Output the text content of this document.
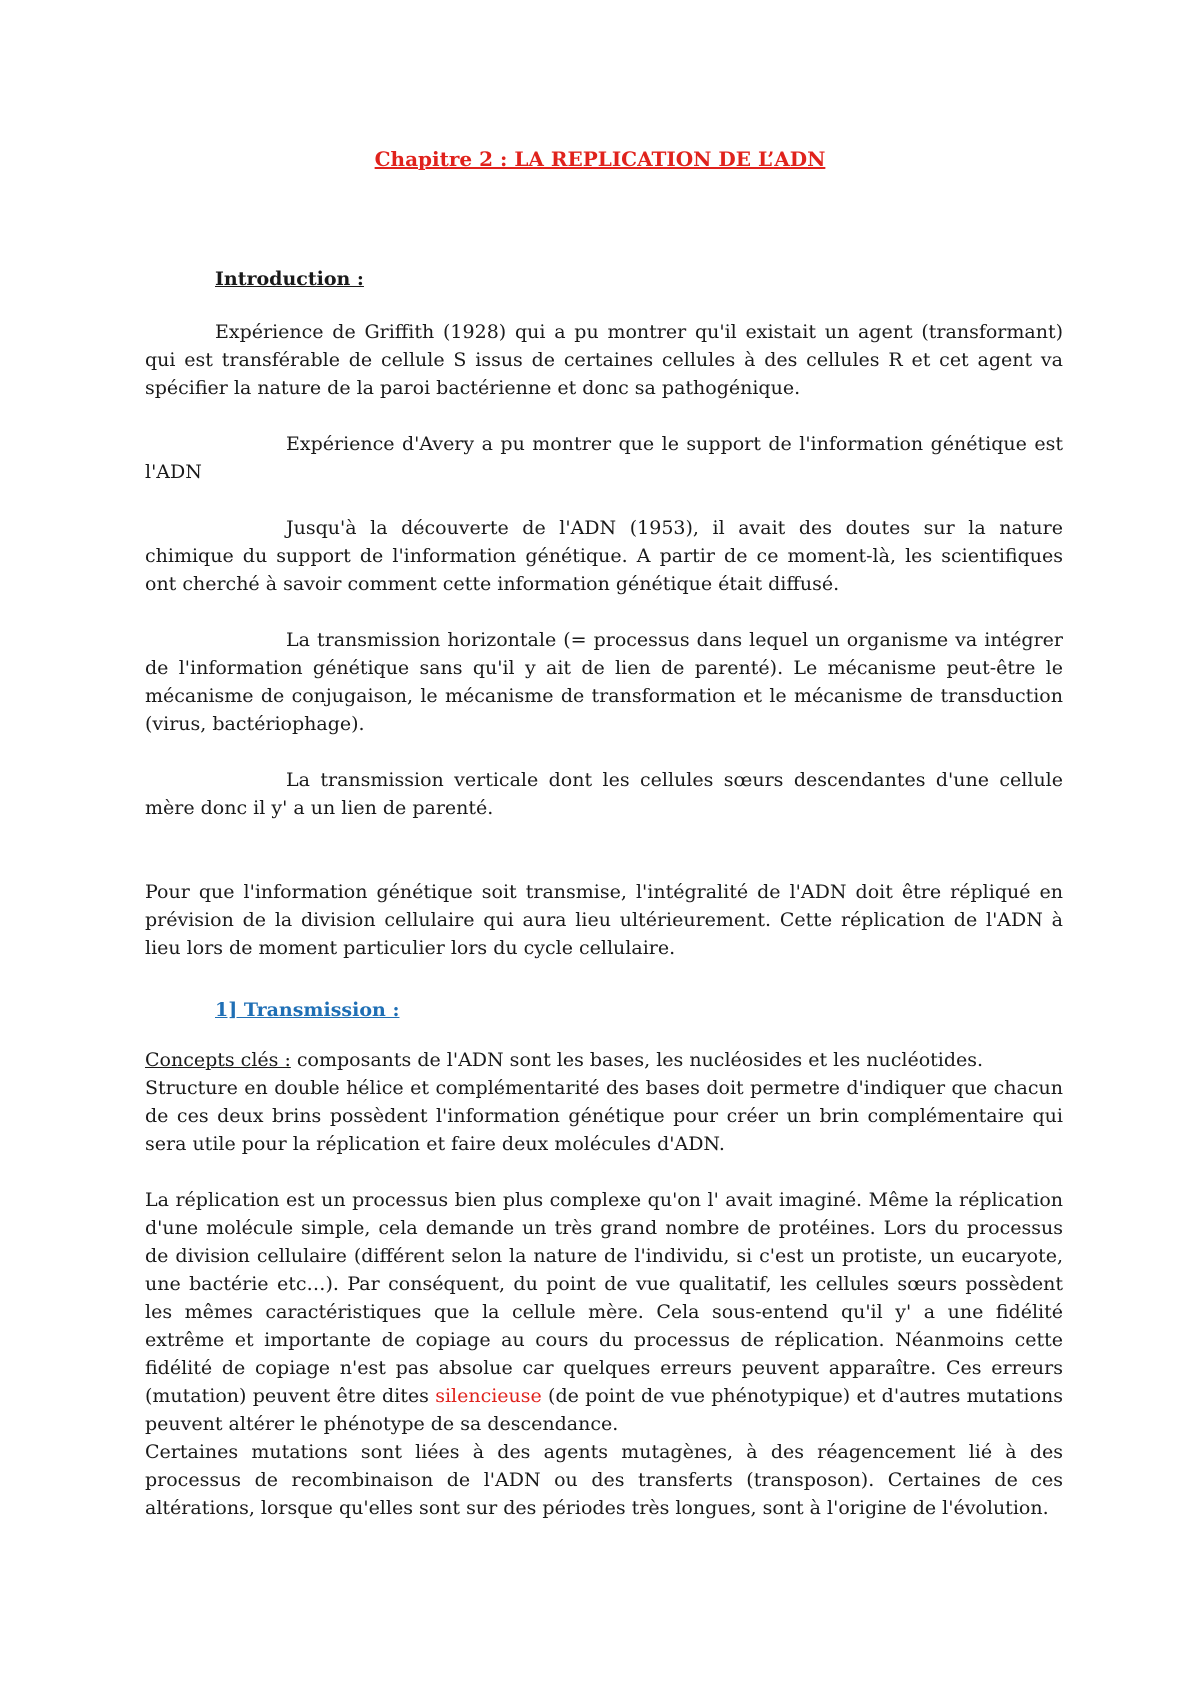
Chapitre 2 : LA REPLICATION DE L’ADN
Introduction :
Expérience de Griffith (1928) qui a pu montrer qu'il existait un agent (transformant) qui est transférable de cellule S issus de certaines cellules à des cellules R et cet agent va spécifier la nature de la paroi bactérienne et donc sa pathogénique.
Expérience d'Avery a pu montrer que le support de l'information génétique est l'ADN
Jusqu'à la découverte de l'ADN (1953), il avait des doutes sur la nature chimique du support de l'information génétique. A partir de ce moment-là, les scientifiques ont cherché à savoir comment cette information génétique était diffusé.
La transmission horizontale (= processus dans lequel un organisme va intégrer de l'information génétique sans qu'il y ait de lien de parenté). Le mécanisme peut-être le mécanisme de conjugaison, le mécanisme de transformation et le mécanisme de transduction (virus, bactériophage).
La transmission verticale dont les cellules sœurs descendantes d'une cellule mère donc il y' a un lien de parenté.
Pour que l'information génétique soit transmise, l'intégralité de l'ADN doit être répliqué en prévision de la division cellulaire qui aura lieu ultérieurement. Cette réplication de l'ADN à lieu lors de moment particulier lors du cycle cellulaire.
1] Transmission :
Concepts clés : composants de l'ADN sont les bases, les nucléosides et les nucléotides.
Structure en double hélice et complémentarité des bases doit permetre d'indiquer que chacun de ces deux brins possèdent l'information génétique pour créer un brin complémentaire qui sera utile pour la réplication et faire deux molécules d'ADN.
La réplication est un processus bien plus complexe qu'on l' avait imaginé. Même la réplication d'une molécule simple, cela demande un très grand nombre de protéines. Lors du processus de division cellulaire (différent selon la nature de l'individu, si c'est un protiste, un eucaryote, une bactérie etc…). Par conséquent, du point de vue qualitatif, les cellules sœurs possèdent les mêmes caractéristiques que la cellule mère. Cela sous-entend qu'il y' a une fidélité extrême et importante de copiage au cours du processus de réplication. Néanmoins cette fidélité de copiage n'est pas absolue car quelques erreurs peuvent apparaître. Ces erreurs (mutation) peuvent être dites silencieuse (de point de vue phénotypique) et d'autres mutations peuvent altérer le phénotype de sa descendance.
Certaines mutations sont liées à des agents mutagènes, à des réagencement lié à des processus de recombinaison de l'ADN ou des transferts (transposon). Certaines de ces altérations, lorsque qu'elles sont sur des périodes très longues, sont à l'origine de l'évolution.
